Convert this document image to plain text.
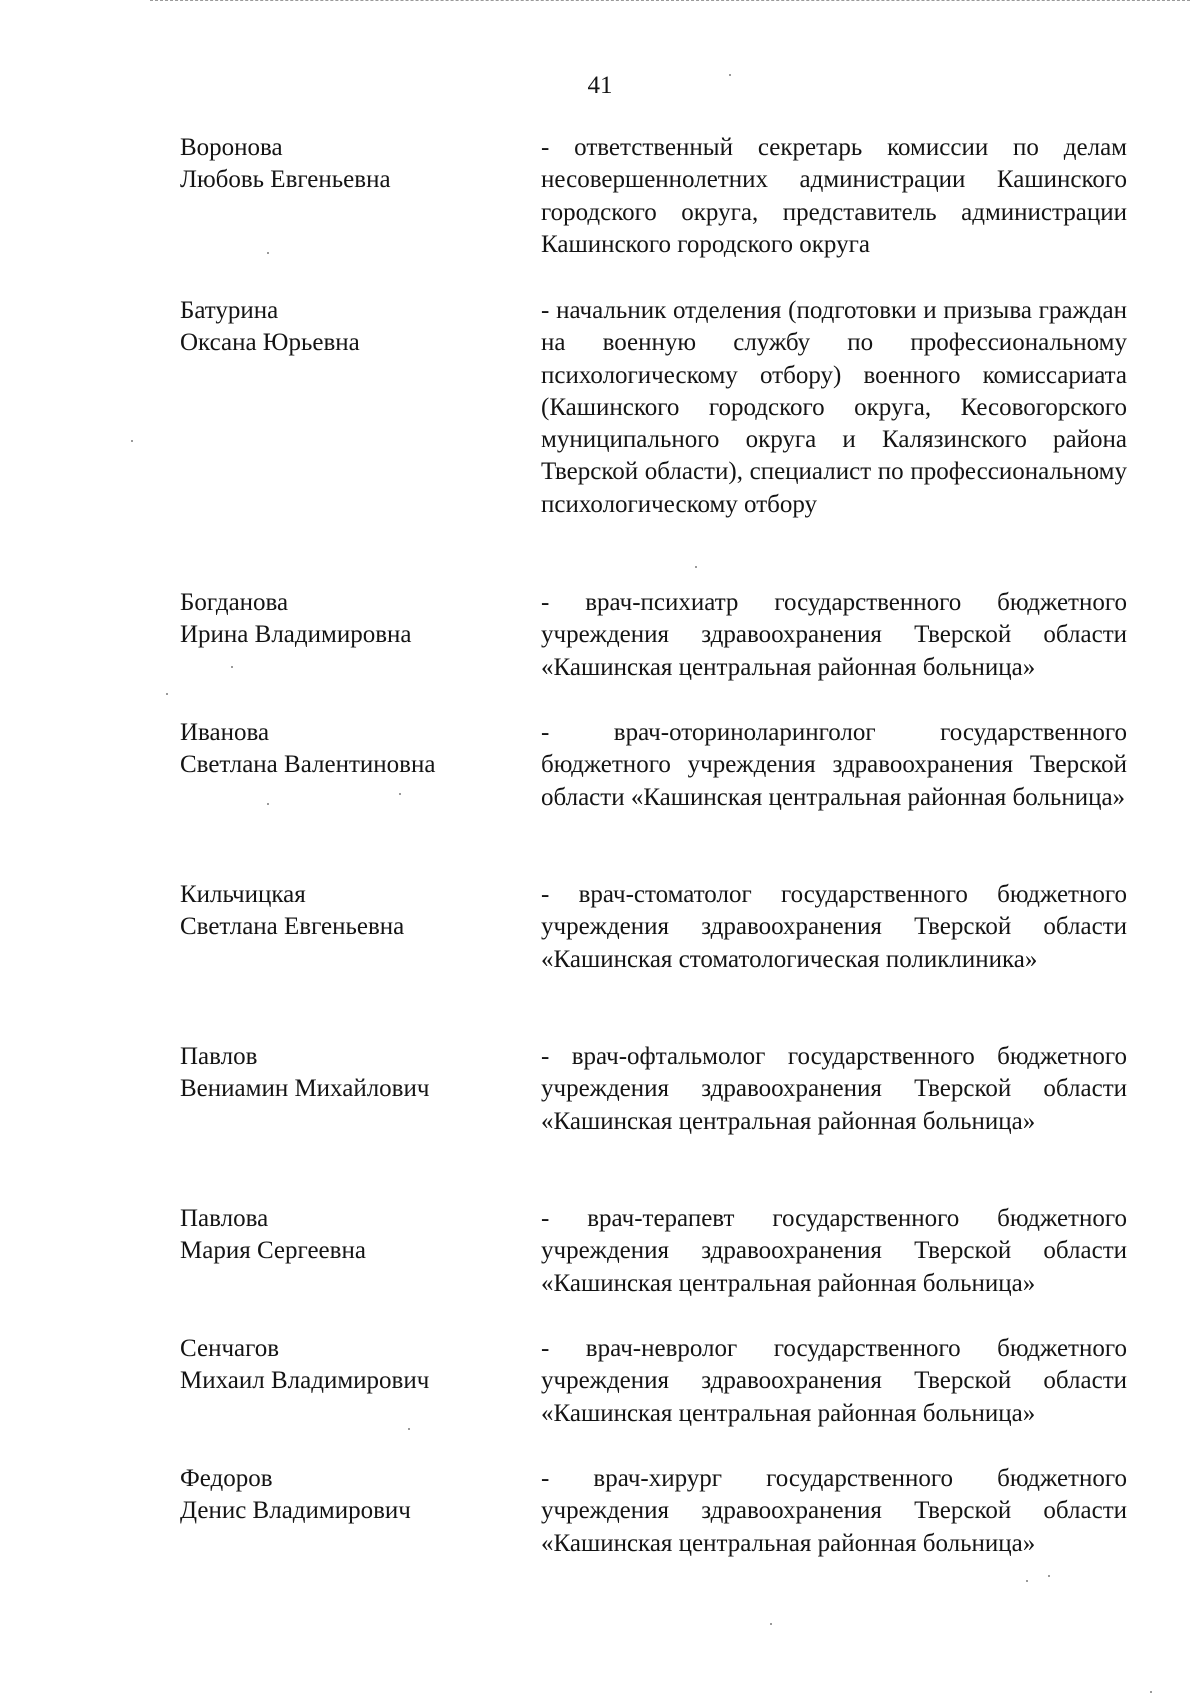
41
Воронова
Любовь Евгеньевна
- ответственный секретарь комиссии по делам несовершеннолетних администрации Кашинского городского округа, представитель администрации Кашинского городского округа
Батурина
Оксана Юрьевна
- начальник отделения (подготовки и призыва граждан на военную службу по профессиональному психологическому отбору) военного комиссариата (Кашинского городского округа, Кесовогорского муниципального округа и Калязинского района Тверской области), специалист по профессиональному психологическому отбору
Богданова
Ирина Владимировна
- врач-психиатр государственного бюджетного учреждения здравоохранения Тверской области «Кашинская центральная районная больница»
Иванова
Светлана Валентиновна
- врач-оториноларинголог государственного бюджетного учреждения здравоохранения Тверской области «Кашинская центральная районная больница»
Кильчицкая
Светлана Евгеньевна
- врач-стоматолог государственного бюджетного учреждения здравоохранения Тверской области «Кашинская стоматологическая поликлиника»
Павлов
Вениамин Михайлович
- врач-офтальмолог государственного бюджетного учреждения здравоохранения Тверской области «Кашинская центральная районная больница»
Павлова
Мария Сергеевна
- врач-терапевт государственного бюджетного учреждения здравоохранения Тверской области «Кашинская центральная районная больница»
Сенчагов
Михаил Владимирович
- врач-невролог государственного бюджетного учреждения здравоохранения Тверской области «Кашинская центральная районная больница»
Федоров
Денис Владимирович
- врач-хирург государственного бюджетного учреждения здравоохранения Тверской области «Кашинская центральная районная больница»
